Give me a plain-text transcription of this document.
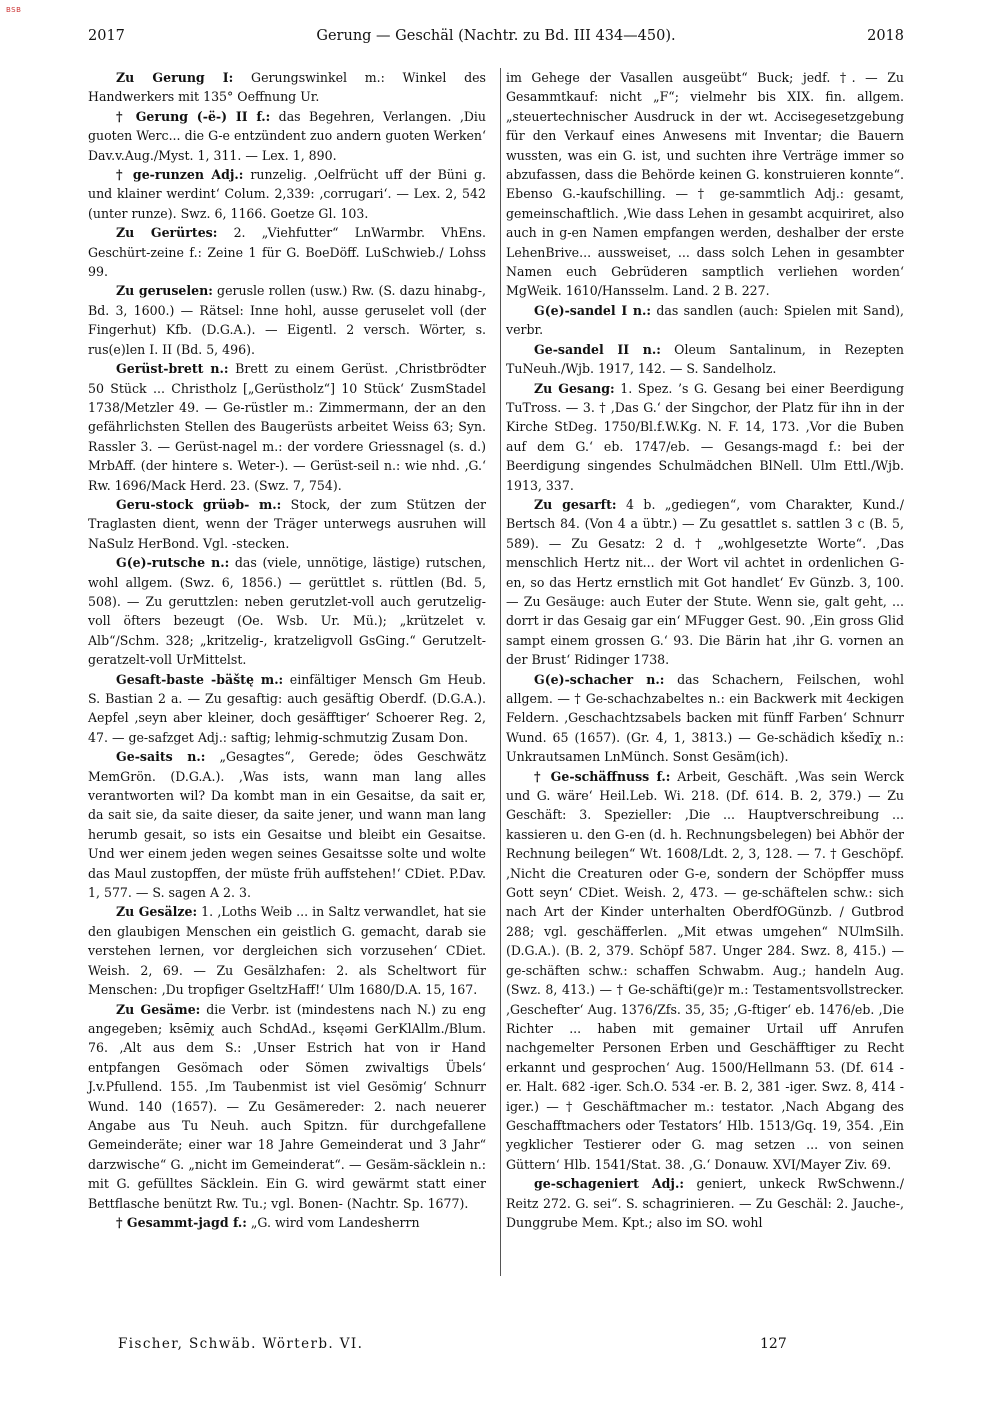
BSB
2017	Gerung — Geschäl (Nachtr. zu Bd. III 434—450).	2018

Zu Gerung I: Gerungswinkel m.: Winkel des Handwerkers mit 135° Oeffnung Ur.

† Gerung (-ë-) II f.: das Begehren, Verlangen. ‚Diu guoten Werc... die G-e entzündent zuo andern guoten Werken‘ Dav.v.Aug./Myst. 1, 311. — Lex. 1, 890.

† ge-runzen Adj.: runzelig. ‚Oelfrücht uff der Büni g. und klainer werdint‘ Colum. 2,339: ‚corrugari‘. — Lex. 2, 542 (unter runze). Swz. 6, 1166. Goetze Gl. 103.

Zu Gerürtes: 2. „Viehfutter“ LnWarmbr. VhEns. Geschürt-zeine f.: Zeine 1 für G. BoeDöff. LuSchwieb./ Lohss 99.

Zu geruselen: gerusle rollen (usw.) Rw. (S. dazu hinabg-, Bd. 3, 1600.) — Rätsel: Inne hohl, ausse geruselet voll (der Fingerhut) Kfb. (D.G.A.). — Eigentl. 2 versch. Wörter, s. rus(e)len I. II (Bd. 5, 496).

Gerüst-brett n.: Brett zu einem Gerüst. ‚Christbrödter 50 Stück ... Christholz [„Gerüstholz“] 10 Stück‘ ZusmStadel 1738/Metzler 49. — Ge-rüstler m.: Zimmermann, der an den gefährlichsten Stellen des Baugerüsts arbeitet Weiss 63; Syn. Rassler 3. — Gerüst-nagel m.: der vordere Griessnagel (s. d.) MrbAff. (der hintere s. Weter-). — Gerüst-seil n.: wie nhd. ‚G.‘ Rw. 1696/Mack Herd. 23. (Swz. 7, 754).

Geru-stock grüəb- m.: Stock, der zum Stützen der Traglasten dient, wenn der Träger unterwegs ausruhen will NaSulz HerBond. Vgl. -stecken.

G(e)-rutsche n.: das (viele, unnötige, lästige) rutschen, wohl allgem. (Swz. 6, 1856.) — gerüttlet s. rüttlen (Bd. 5, 508). — Zu geruttzlen: neben gerutzlet-voll auch gerutzelig-voll öfters bezeugt (Oe. Wsb. Ur. Mü.); „krützelet v. Alb“/Schm. 328; „kritzelig-, kratzeligvoll GsGing.“ Gerutzelt-geratzelt-voll UrMittelst.

Gesaft-baste -bäštę m.: einfältiger Mensch Gm Heub. S. Bastian 2 a. — Zu gesaftig: auch gesäftig Oberdf. (D.G.A.). Aepfel ‚seyn aber kleiner, doch gesäfftiger‘ Schoerer Reg. 2, 47. — ge-safzget Adj.: saftig; lehmig-schmutzig Zusam Don.

Ge-saits n.: „Gesagtes“, Gerede; ödes Geschwätz MemGrön. (D.G.A.). ‚Was ists, wann man lang alles verantworten wil? Da kombt man in ein Gesaitse, da sait er, da sait sie, da saite dieser, da saite jener, und wann man lang herumb gesait, so ists ein Gesaitse und bleibt ein Gesaitse. Und wer einem jeden wegen seines Gesaitsse solte und wolte das Maul zustopffen, der müste früh auffstehen!‘ CDiet. P.Dav. 1, 577. — S. sagen A 2. 3.

Zu Gesälze: 1. ‚Loths Weib ... in Saltz verwandlet, hat sie den glaubigen Menschen ein geistlich G. gemacht, darab sie verstehen lernen, vor dergleichen sich vorzusehen‘ CDiet. Weish. 2, 69. — Zu Gesälzhafen: 2. als Scheltwort für Menschen: ‚Du tropfiger GseltzHaff!‘ Ulm 1680/D.A. 15, 167.

Zu Gesäme: die Verbr. ist (mindestens nach N.) zu eng angegeben; ksēmiχ auch SchdAd., ksęəmi GerKlAllm./Blum. 76. ‚Alt aus dem S.: ‚Unser Estrich hat von ir Hand entpfangen Gesömach oder Sömen zwivaltigs Übels‘ J.v.Pfullend. 155. ‚Im Taubenmist ist viel Gesömig‘ Schnurr Wund. 140 (1657). — Zu Gesämereder: 2. nach neuerer Angabe aus Tu Neuh. auch Spitzn. für durchgefallene Gemeinderäte; einer war 18 Jahre Gemeinderat und 3 Jahr“ darzwische“ G. „nicht im Gemeinderat“. — Gesäm-säcklein n.: mit G. gefülltes Säcklein. Ein G. wird gewärmt statt einer Bettflasche benützt Rw. Tu.; vgl. Bonen- (Nachtr. Sp. 1677).

† Gesammt-jagd f.: „G. wird vom Landesherrn

im Gehege der Vasallen ausgeübt“ Buck; jedf. †. — Zu Gesammtkauf: nicht „F“; vielmehr bis XIX. fin. allgem. „steuertechnischer Ausdruck in der wt. Accisegesetzgebung für den Verkauf eines Anwesens mit Inventar; die Bauern wussten, was ein G. ist, und suchten ihre Verträge immer so abzufassen, dass die Behörde keinen G. konstruieren konnte“. Ebenso G.-kaufschilling. — † ge-sammtlich Adj.: gesamt, gemeinschaftlich. ‚Wie dass Lehen in gesambt acquiriret, also auch in g-en Namen empfangen werden, deshalber der erste LehenBrive... aussweiset, ... dass solch Lehen in gesambter Namen euch Gebrüderen samptlich verliehen worden‘ MgWeik. 1610/Hansselm. Land. 2 B. 227.

G(e)-sandel I n.: das sandlen (auch: Spielen mit Sand), verbr.

Ge-sandel II n.: Oleum Santalinum, in Rezepten TuNeuh./Wjb. 1917, 142. — S. Sandelholz.

Zu Gesang: 1. Spez. ’s G. Gesang bei einer Beerdigung TuTross. — 3. † ‚Das G.‘ der Singchor, der Platz für ihn in der Kirche StDeg. 1750/Bl.f.W.Kg. N. F. 14, 173. ‚Vor die Buben auf dem G.‘ eb. 1747/eb. — Gesangs-magd f.: bei der Beerdigung singendes Schulmädchen BlNell. Ulm Ettl./Wjb. 1913, 337.

Zu gesarft: 4 b. „gediegen“, vom Charakter, Kund./ Bertsch 84. (Von 4 a übtr.) — Zu gesattlet s. sattlen 3 c (B. 5, 589). — Zu Gesatz: 2 d. † „wohlgesetzte Worte“. ‚Das menschlich Hertz nit... der Wort vil achtet in ordenlichen G-en, so das Hertz ernstlich mit Got handlet‘ Ev Günzb. 3, 100. — Zu Gesäuge: auch Euter der Stute. Wenn sie, galt geht, ... dorrt ir das Gesaig gar ein‘ MFugger Gest. 90. ‚Ein gross Glid sampt einem grossen G.‘ 93. Die Bärin hat ‚ihr G. vornen an der Brust‘ Ridinger 1738.

G(e)-schacher n.: das Schachern, Feilschen, wohl allgem. — † Ge-schachzabeltes n.: ein Backwerk mit 4eckigen Feldern. ‚Geschachtzsabels backen mit fünff Farben‘ Schnurr Wund. 65 (1657). (Gr. 4, 1, 3813.) — Ge-schädich kšedīχ n.: Unkrautsamen LnMünch. Sonst Gesäm(ich).

† Ge-schäffnuss f.: Arbeit, Geschäft. ‚Was sein Werck und G. wäre‘ Heil.Leb. Wi. 218. (Df. 614. B. 2, 379.) — Zu Geschäft: 3. Spezieller: ‚Die ... Hauptverschreibung ... kassieren u. den G-en (d. h. Rechnungsbelegen) bei Abhör der Rechnung beilegen“ Wt. 1608/Ldt. 2, 3, 128. — 7. † Geschöpf. ‚Nicht die Creaturen oder G-e, sondern der Schöpffer muss Gott seyn‘ CDiet. Weish. 2, 473. — ge-schäftelen schw.: sich nach Art der Kinder unterhalten OberdfOGünzb. / Gutbrod 288; vgl. geschäfferlen. „Mit etwas umgehen“ NUlmSilh. (D.G.A.). (B. 2, 379. Schöpf 587. Unger 284. Swz. 8, 415.) — ge-schäften schw.: schaffen Schwabm. Aug.; handeln Aug. (Swz. 8, 413.) — † Ge-schäfti(ge)r m.: Testamentsvollstrecker. ‚Geschefter‘ Aug. 1376/Zfs. 35, 35; ‚G-ftiger‘ eb. 1476/eb. ‚Die Richter ... haben mit gemainer Urtail uff Anrufen nachgemelter Personen Erben und Geschäfftiger zu Recht erkannt und gesprochen‘ Aug. 1500/Hellmann 53. (Df. 614 -er. Halt. 682 -iger. Sch.O. 534 -er. B. 2, 381 -iger. Swz. 8, 414 -iger.) — † Geschäftmacher m.: testator. ‚Nach Abgang des Geschafftmachers oder Testators‘ Hlb. 1513/Gq. 19, 354. ‚Ein yegklicher Testierer oder G. mag setzen ... von seinen Güttern‘ Hlb. 1541/Stat. 38. ‚G.‘ Donauw. XVI/Mayer Ziv. 69.

ge-schageniert Adj.: geniert, unkeck RwSchwenn./ Reitz 272. G. sei“. S. schagrinieren. — Zu Geschäl: 2. Jauche-, Dunggrube Mem. Kpt.; also im SO. wohl

Fischer, Schwäb. Wörterb. VI.	127
